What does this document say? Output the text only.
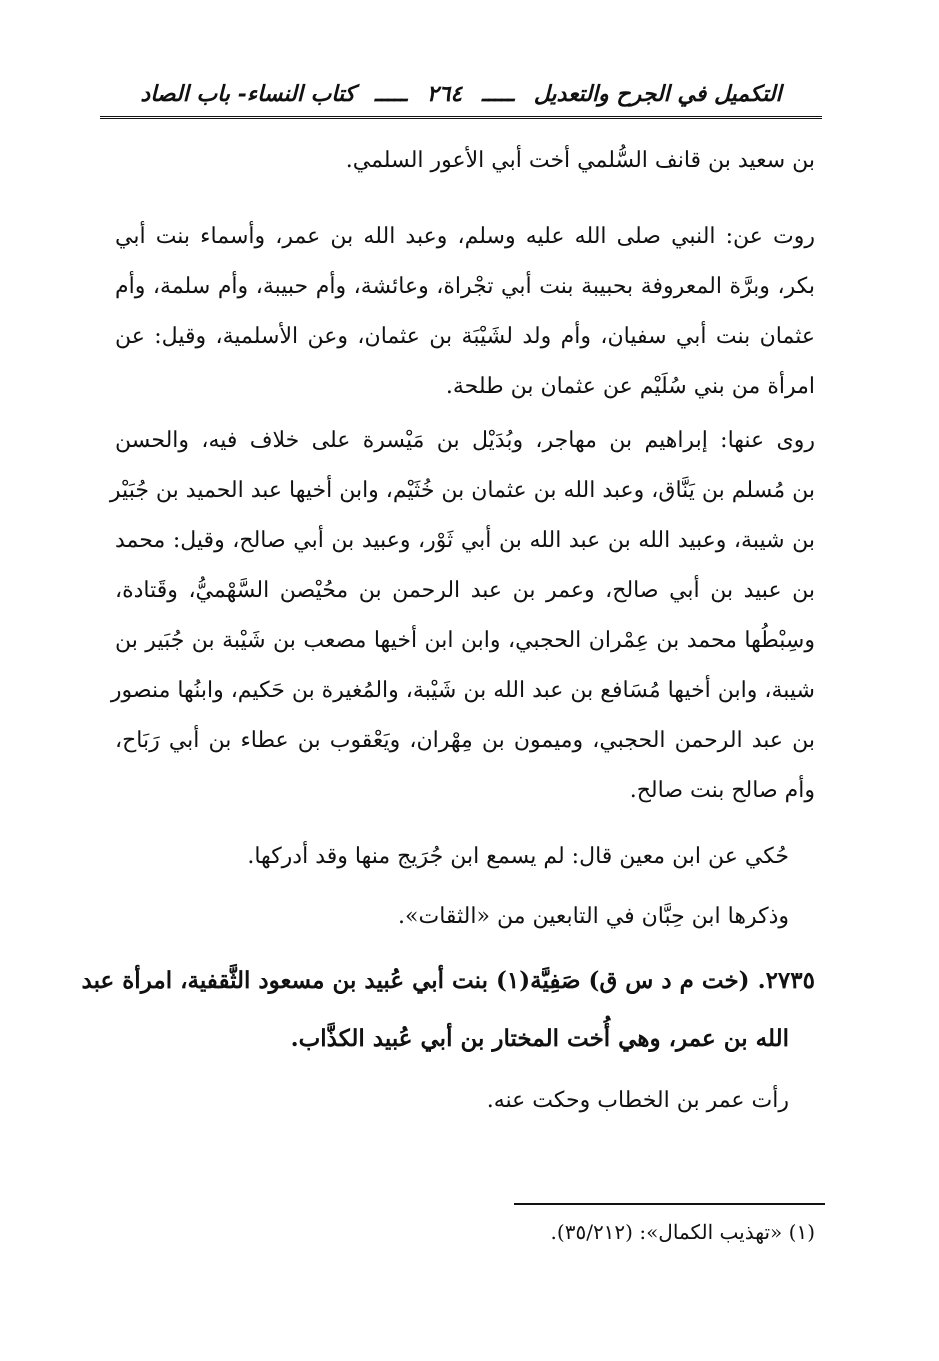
التكميل في الجرح والتعديل ـــــ ٢٦٤ ـــــ كتاب النساء- باب الصاد
بن سعيد بن قانف السُّلمي أخت أبي الأعور السلمي.
روت عن: النبي صلى الله عليه وسلم، وعبد الله بن عمر، وأسماء بنت أبي
بكر، وبرَّة المعروفة بحبيبة بنت أبي تجْراة، وعائشة، وأم حبيبة، وأم سلمة، وأم
عثمان بنت أبي سفيان، وأم ولد لشَيْبَة بن عثمان، وعن الأسلمية، وقيل: عن
امرأة من بني سُلَيْم عن عثمان بن طلحة.
روى عنها: إبراهيم بن مهاجر، وبُدَيْل بن مَيْسرة على خلاف فيه، والحسن
بن مُسلم بن يَنَّاق، وعبد الله بن عثمان بن خُثَيْم، وابن أخيها عبد الحميد بن جُبَيْر
بن شيبة، وعبيد الله بن عبد الله بن أبي ثَوْر، وعبيد بن أبي صالح، وقيل: محمد
بن عبيد بن أبي صالح، وعمر بن عبد الرحمن بن محُيْصن السَّهْميُّ، وقَتادة،
وسِبْطُها محمد بن عِمْران الحجبي، وابن ابن أخيها مصعب بن شَيْبة بن جُبَير بن
شيبة، وابن أخيها مُسَافع بن عبد الله بن شَيْبة، والمُغيرة بن حَكيم، وابنُها منصور
بن عبد الرحمن الحجبي، وميمون بن مِهْران، ويَعْقوب بن عطاء بن أبي رَبَاح،
وأم صالح بنت صالح.
حُكي عن ابن معين قال: لم يسمع ابن جُرَيج منها وقد أدركها.
وذكرها ابن حِبَّان في التابعين من «الثقات».
٢٧٣٥. (خت م د س ق) صَفِيَّة(١) بنت أبي عُبيد بن مسعود الثَّقفية، امرأة عبد
الله بن عمر، وهي أُخت المختار بن أبي عُبيد الكذَّاب.
رأت عمر بن الخطاب وحكت عنه.
(١) «تهذيب الكمال»: (٣٥/٢١٢).
